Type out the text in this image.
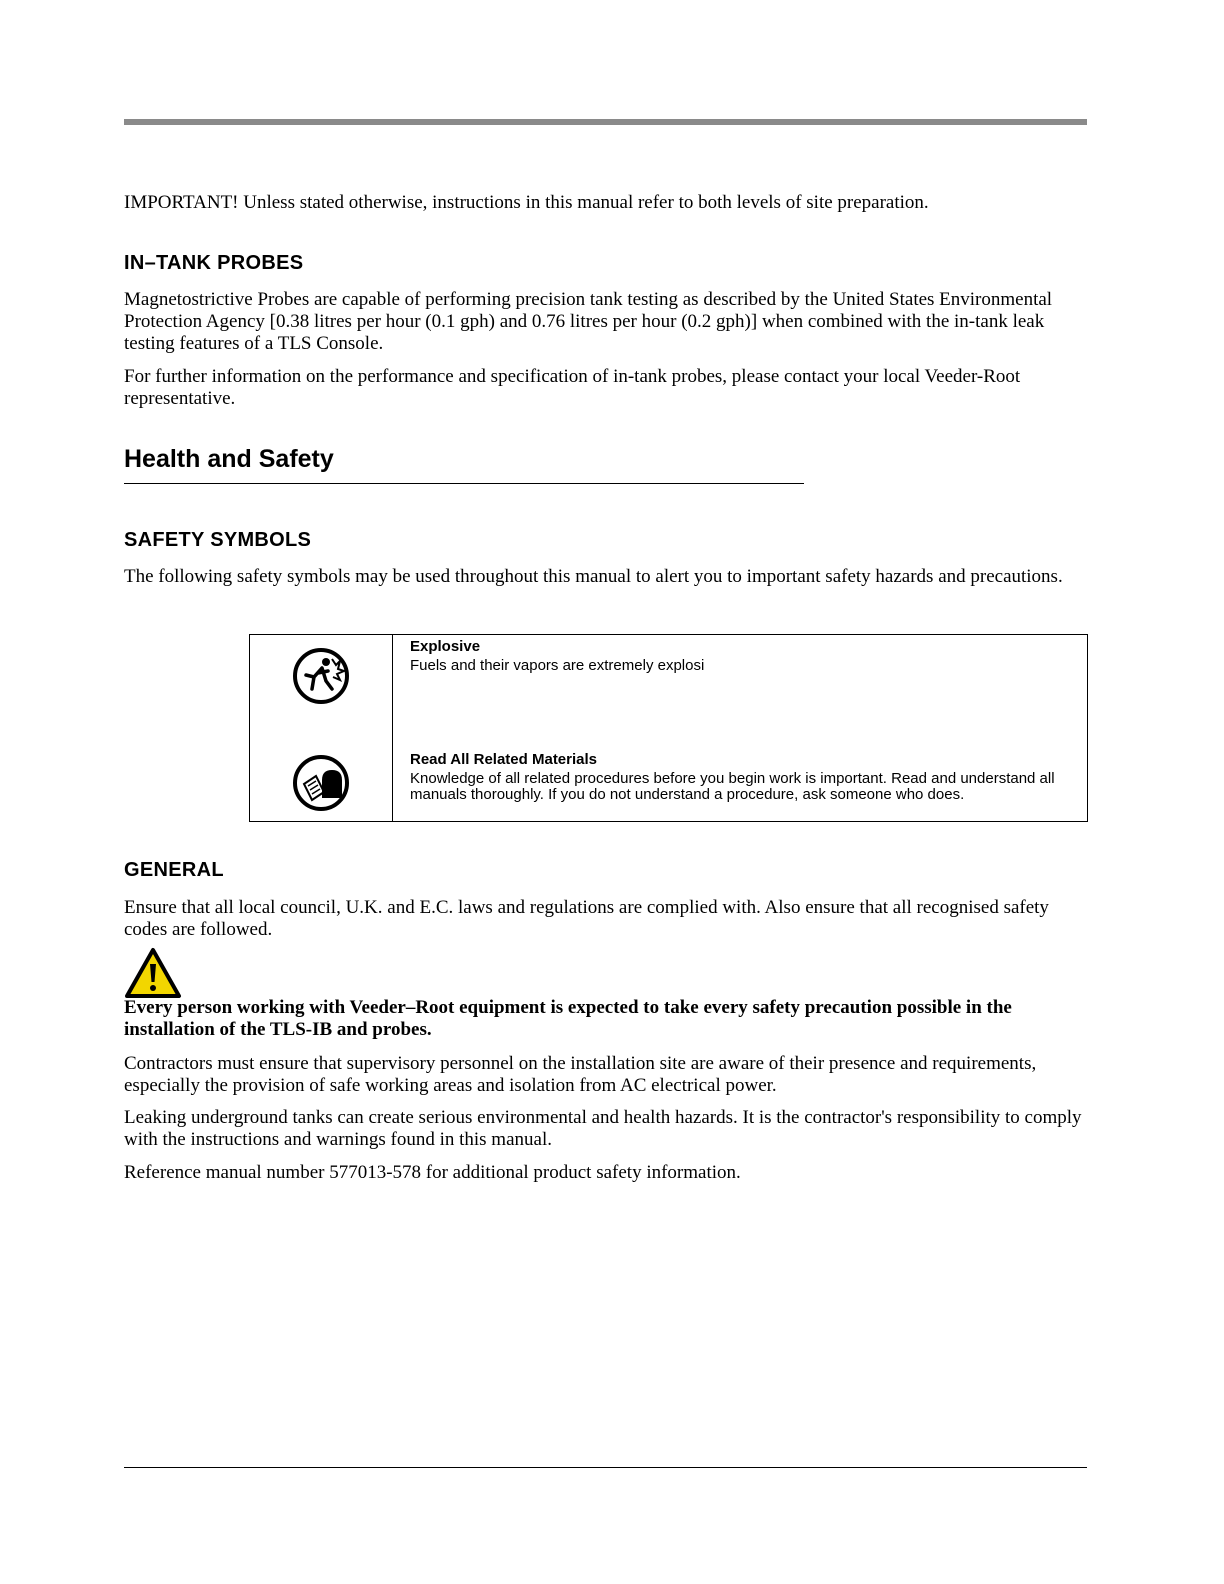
IMPORTANT! Unless stated otherwise, instructions in this manual refer to both levels of site preparation.
IN–TANK PROBES
Magnetostrictive Probes are capable of performing precision tank testing as described by the United States Environmental Protection Agency [0.38 litres per hour (0.1 gph) and 0.76 litres per hour (0.2 gph)] when combined with the in-tank leak testing features of a TLS Console.
For further information on the performance and specification of in-tank probes, please contact your local Veeder-Root representative.
Health and Safety
SAFETY SYMBOLS
The following safety symbols may be used throughout this manual to alert you to important safety hazards and precautions.
Explosive
Fuels and their vapors are extremely explosi
Read All Related Materials
Knowledge of all related procedures before you begin work is important. Read and understand all manuals thoroughly. If you do not understand a procedure, ask someone who does.
GENERAL
Ensure that all local council, U.K. and E.C. laws and regulations are complied with. Also ensure that all recognised safety codes are followed.
Every person working with Veeder–Root equipment is expected to take every safety precaution possible in the installation of the TLS-IB and probes.
Contractors must ensure that supervisory personnel on the installation site are aware of their presence and requirements, especially the provision of safe working areas and isolation from AC electrical power.
Leaking underground tanks can create serious environmental and health hazards. It is the contractor's responsibility to comply with the instructions and warnings found in this manual.
Reference manual number 577013-578 for additional product safety information.
